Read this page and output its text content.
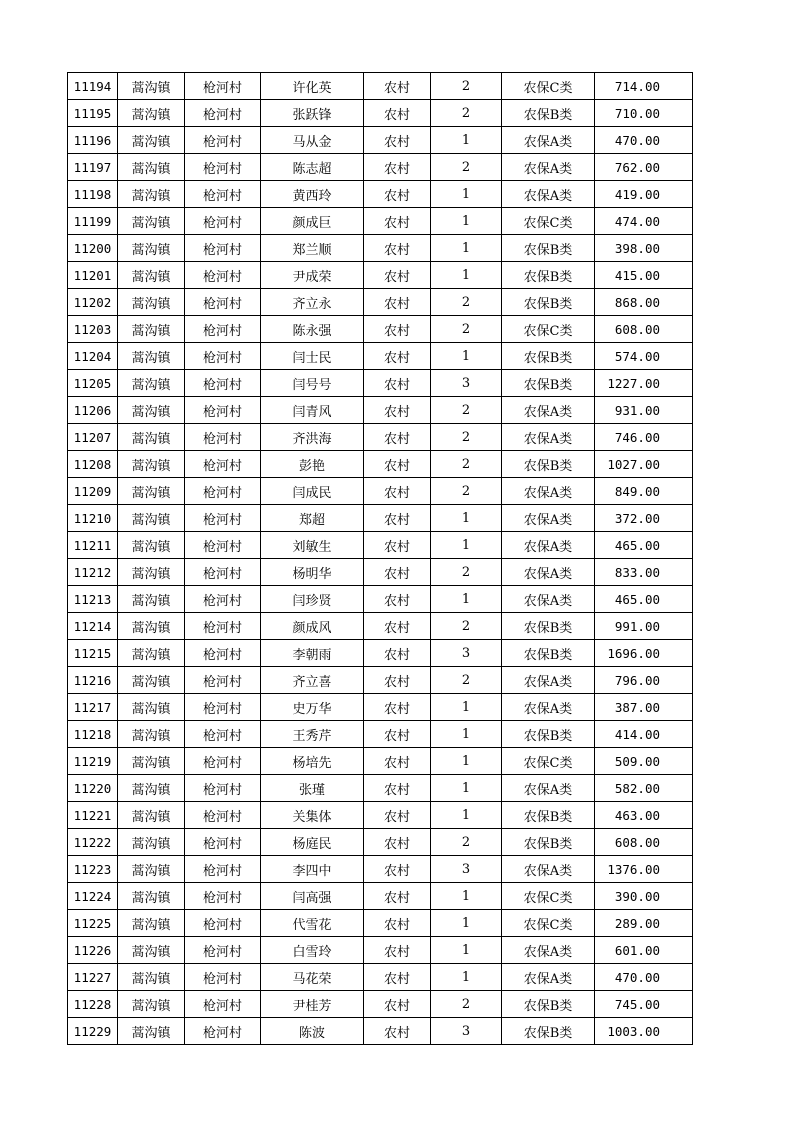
11194	蒿沟镇	枪河村	许化英	农村	2	农保C类	714.00
11195	蒿沟镇	枪河村	张跃锋	农村	2	农保B类	710.00
11196	蒿沟镇	枪河村	马从金	农村	1	农保A类	470.00
11197	蒿沟镇	枪河村	陈志超	农村	2	农保A类	762.00
11198	蒿沟镇	枪河村	黄西玲	农村	1	农保A类	419.00
11199	蒿沟镇	枪河村	颜成巨	农村	1	农保C类	474.00
11200	蒿沟镇	枪河村	郑兰顺	农村	1	农保B类	398.00
11201	蒿沟镇	枪河村	尹成荣	农村	1	农保B类	415.00
11202	蒿沟镇	枪河村	齐立永	农村	2	农保B类	868.00
11203	蒿沟镇	枪河村	陈永强	农村	2	农保C类	608.00
11204	蒿沟镇	枪河村	闫士民	农村	1	农保B类	574.00
11205	蒿沟镇	枪河村	闫号号	农村	3	农保B类	1227.00
11206	蒿沟镇	枪河村	闫青风	农村	2	农保A类	931.00
11207	蒿沟镇	枪河村	齐洪海	农村	2	农保A类	746.00
11208	蒿沟镇	枪河村	彭艳	农村	2	农保B类	1027.00
11209	蒿沟镇	枪河村	闫成民	农村	2	农保A类	849.00
11210	蒿沟镇	枪河村	郑超	农村	1	农保A类	372.00
11211	蒿沟镇	枪河村	刘敏生	农村	1	农保A类	465.00
11212	蒿沟镇	枪河村	杨明华	农村	2	农保A类	833.00
11213	蒿沟镇	枪河村	闫珍贤	农村	1	农保A类	465.00
11214	蒿沟镇	枪河村	颜成风	农村	2	农保B类	991.00
11215	蒿沟镇	枪河村	李朝雨	农村	3	农保B类	1696.00
11216	蒿沟镇	枪河村	齐立喜	农村	2	农保A类	796.00
11217	蒿沟镇	枪河村	史万华	农村	1	农保A类	387.00
11218	蒿沟镇	枪河村	王秀芹	农村	1	农保B类	414.00
11219	蒿沟镇	枪河村	杨培先	农村	1	农保C类	509.00
11220	蒿沟镇	枪河村	张瑾	农村	1	农保A类	582.00
11221	蒿沟镇	枪河村	关集体	农村	1	农保B类	463.00
11222	蒿沟镇	枪河村	杨庭民	农村	2	农保B类	608.00
11223	蒿沟镇	枪河村	李四中	农村	3	农保A类	1376.00
11224	蒿沟镇	枪河村	闫高强	农村	1	农保C类	390.00
11225	蒿沟镇	枪河村	代雪花	农村	1	农保C类	289.00
11226	蒿沟镇	枪河村	白雪玲	农村	1	农保A类	601.00
11227	蒿沟镇	枪河村	马花荣	农村	1	农保A类	470.00
11228	蒿沟镇	枪河村	尹桂芳	农村	2	农保B类	745.00
11229	蒿沟镇	枪河村	陈波	农村	3	农保B类	1003.00
